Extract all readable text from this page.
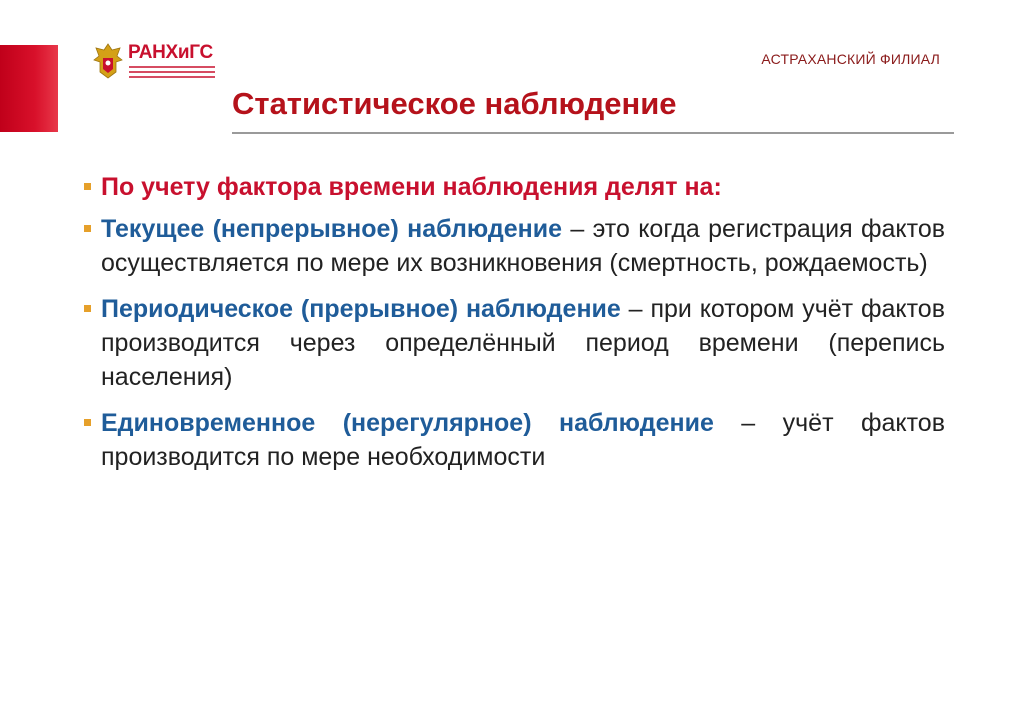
РАНХиГС	АСТРАХАНСКИЙ ФИЛИАЛ
Статистическое наблюдение
По учету фактора времени наблюдения делят на:
Текущее (непрерывное) наблюдение – это когда регистрация фактов осуществляется по мере их возникновения (смертность, рождаемость)
Периодическое (прерывное) наблюдение – при котором учёт фактов производится через определённый период времени (перепись населения)
Единовременное (нерегулярное) наблюдение – учёт фактов производится по мере необходимости
